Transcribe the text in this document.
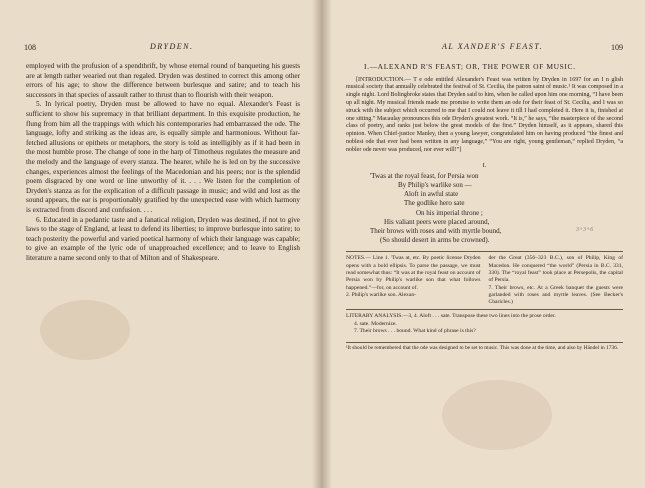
108	DRYDEN.

employed with the profusion of a spendthrift, by whose eternal round of banqueting his guests are at length rather wearied out than regaled. Dryden was destined to correct this among other errors of his age; to show the difference between burlesque and satire; and to teach his successors in that species of assault rather to thrust than to flourish with their weapon.

5. In lyrical poetry, Dryden must be allowed to have no equal. Alexander's Feast is sufficient to show his supremacy in that brilliant department. In this exquisite production, he flung from him all the trappings with which his contemporaries had embarrassed the ode. The language, lofty and striking as the ideas are, is equally simple and harmonious. Without far-fetched allusions or epithets or metaphors, the story is told as intelligibly as if it had been in the most humble prose. The change of tone in the harp of Timotheus regulates the measure and the melody and the language of every stanza. The hearer, while he is led on by the successive changes, experiences almost the feelings of the Macedonian and his peers; nor is the splendid poem disgraced by one word or line unworthy of it. . . . We listen for the completion of Dryden's stanza as for the explication of a difficult passage in music; and wild and lost as the sound appears, the ear is proportionably gratified by the unexpected ease with which harmony is extracted from discord and confusion. . . .

6. Educated in a pedantic taste and a fanatical religion, Dryden was destined, if not to give laws to the stage of England, at least to defend its liberties; to improve burlesque into satire; to teach posterity the powerful and varied poetical harmony of which their language was capable; to give an example of the lyric ode of unapproached excellence; and to leave to English literature a name second only to that of Milton and of Shakespeare.

AL XANDER'S FEAST.	109
I.—ALEXAND R'S FEAST; OR, THE POWER OF MUSIC.

[INTRODUCTION.— T e ode entitled Alexander's Feast was written by Dryden in 1697 for an I n glish musical society that annually celebrated the festival of St. Cecilia, the patron saint of music.¹ It was composed in a single night. Lord Bolingbroke states that Dryden said to him, when he called upon him one morning, “I have been up all night. My musical friends made me promise to write them an ode for their feast of St. Cecilia, and I was so struck with the subject which occurred to me that I could not leave it till I had completed it. Here it is, finished at one sitting.” Macaulay pronounces this ode Dryden's greatest work. “It is,” he says, “the masterpiece of the second class of poetry, and ranks just below the great models of the first.” Dryden himself, as it appears, shared this opinion. When Chief-justice Manley, then a young lawyer, congratulated him on having produced “the finest and noblest ode that ever had been written in any language,” “You are right, young gentleman,” replied Dryden, “a nobler ode never was produced, nor ever will!”]

I.
'Twas at the royal feast, for Persia won
By Philip's warlike son —
Aloft in awful state
The godlike hero sate
On his imperial throne ;
His valiant peers were placed around,
Their brows with roses and with myrtle bound,
(So should desert in arms be crowned).
3+3+6
NOTES.— Line 1. 'Twas at, etc. By poetic license Dryden opens with a bold ellipsis. To parse the passage, we must read somewhat thus: “It was at the royal feast on account of Persia won by Philip's warlike son that what follows happened.”—for, on account of.
2. Philip's warlike son. Alexan-
der the Great (356–323 B.C.), son of Philip, King of Macedon. He conquered “the world” (Persia in B.C. 331, 330). The “royal feast” took place at Persepolis, the capital of Persia.
7. Their brows, etc. At a Greek banquet the guests were garlanded with roses and myrtle leaves. (See Becker's Charicles.)
LITERARY ANALYSIS.—3, 4. Aloft . . . sate. Transpose these two lines into the prose order.
4. sate. Modernize.
7. Their brows . . . bound. What kind of phrase is this?
¹It should be remembered that the ode was designed to be set to music. This was done at the time, and also by Händel in 1736.
